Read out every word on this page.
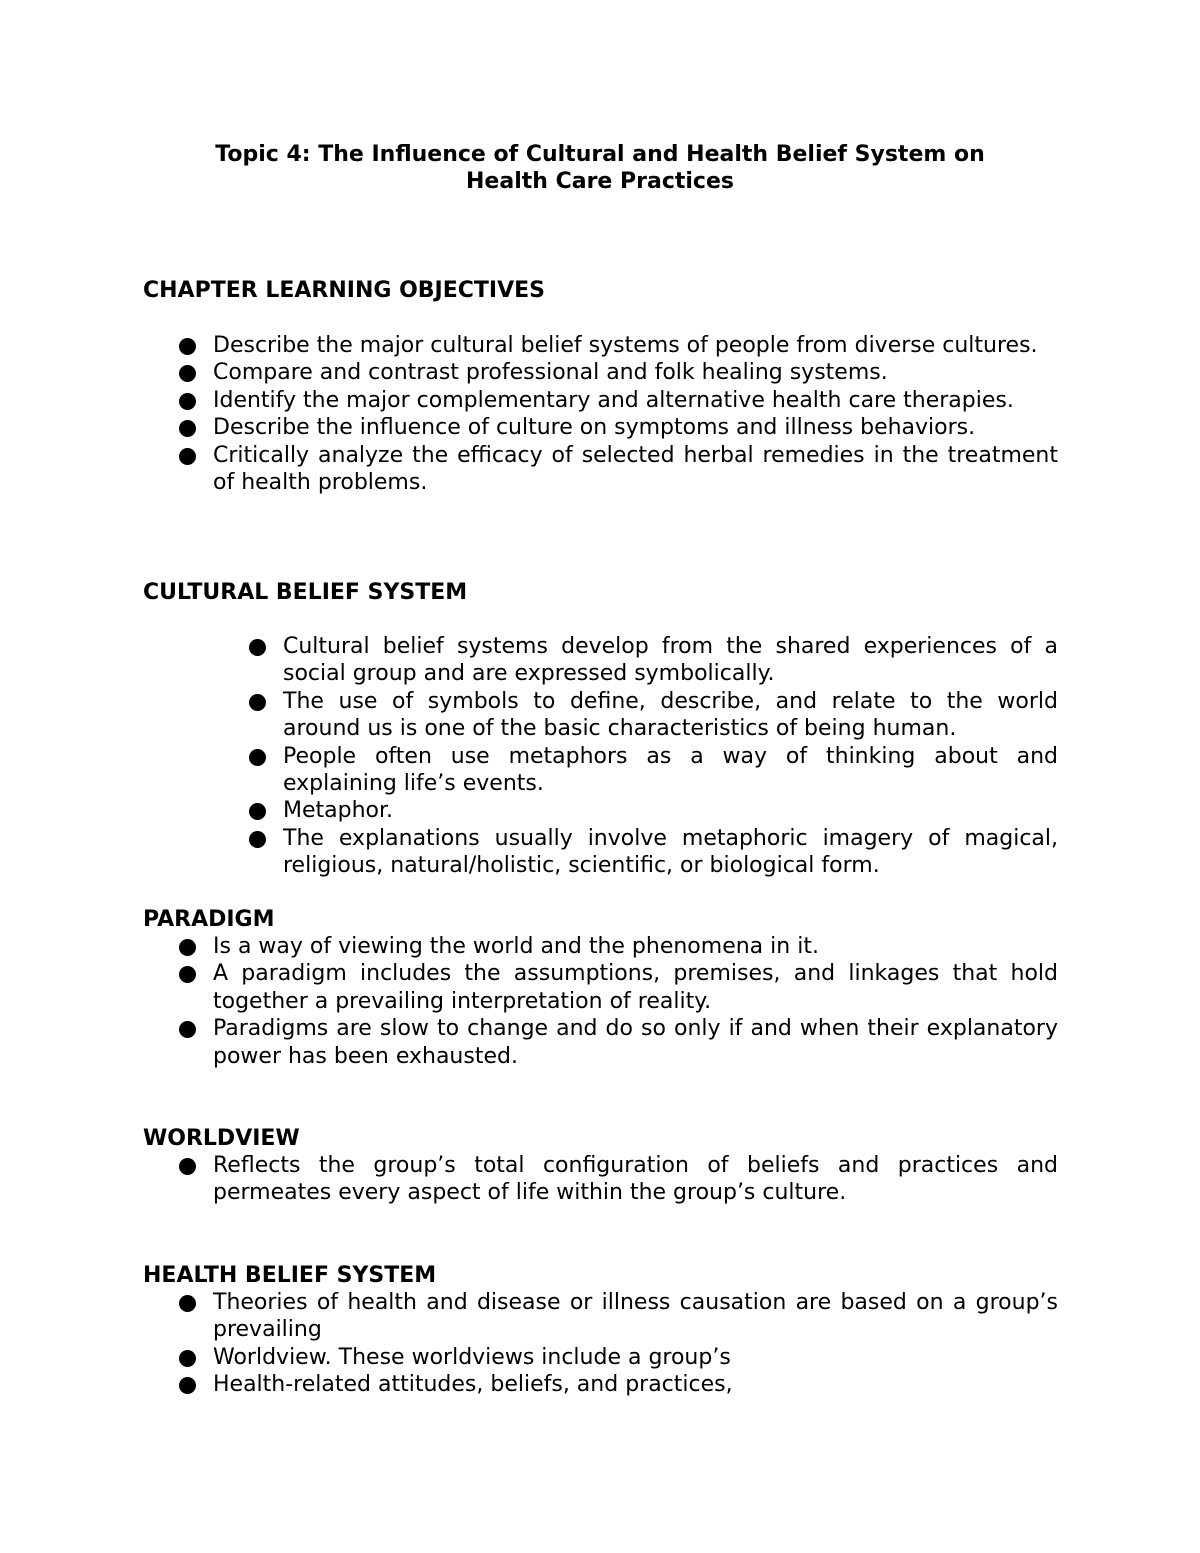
Topic 4: The Influence of Cultural and Health Belief System on
Health Care Practices
CHAPTER LEARNING OBJECTIVES
Describe the major cultural belief systems of people from diverse cultures.
Compare and contrast professional and folk healing systems.
Identify the major complementary and alternative health care therapies.
Describe the influence of culture on symptoms and illness behaviors.
Critically analyze the efficacy of selected herbal remedies in the treatment of health problems.
CULTURAL BELIEF SYSTEM
Cultural belief systems develop from the shared experiences of a social group and are expressed symbolically.
The use of symbols to define, describe, and relate to the world around us is one of the basic characteristics of being human.
People often use metaphors as a way of thinking about and explaining life’s events.
Metaphor.
The explanations usually involve metaphoric imagery of magical, religious, natural/holistic, scientific, or biological form.
PARADIGM
Is a way of viewing the world and the phenomena in it.
A paradigm includes the assumptions, premises, and linkages that hold together a prevailing interpretation of reality.
Paradigms are slow to change and do so only if and when their explanatory power has been exhausted.
WORLDVIEW
Reflects the group’s total configuration of beliefs and practices and permeates every aspect of life within the group’s culture.
HEALTH BELIEF SYSTEM
Theories of health and disease or illness causation are based on a group’s prevailing
Worldview. These worldviews include a group’s
Health-related attitudes, beliefs, and practices,
